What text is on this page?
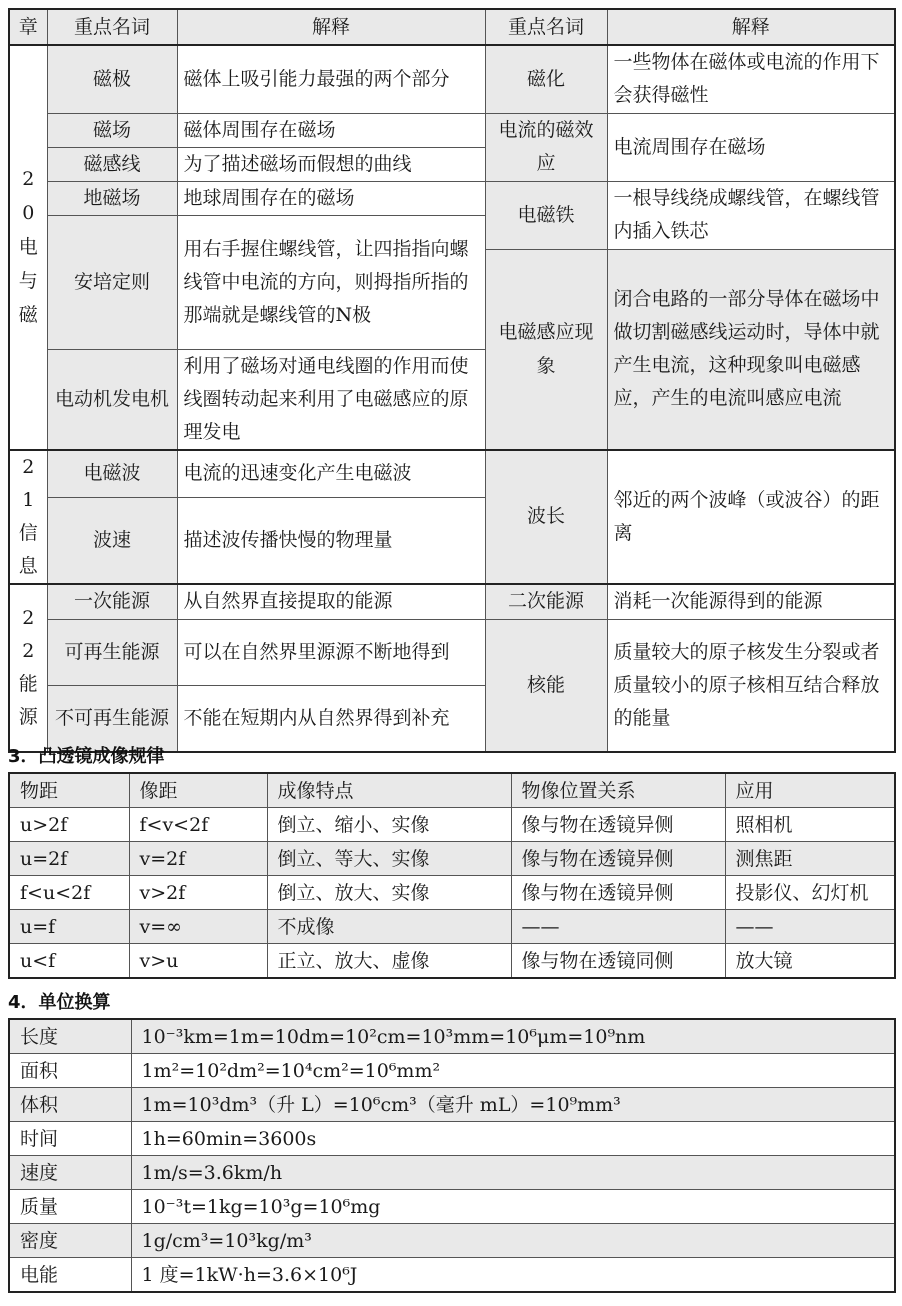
章	重点名词	解释	重点名词	解释

20电与磁	磁极	磁体上吸引能力最强的两个部分	磁化	一些物体在磁体或电流的作用下会获得磁性
	磁场	磁体周围存在磁场	电流的磁效应	电流周围存在磁场
	磁感线	为了描述磁场而假想的曲线		
	地磁场	地球周围存在的磁场	电磁铁	一根导线绕成螺线管，在螺线管内插入铁芯
	安培定则	用右手握住螺线管，让四指指向螺线管中电流的方向，则拇指所指的那端就是螺线管的N极		
			电磁感应现象	闭合电路的一部分导体在磁场中做切割磁感线运动时，导体中就产生电流，这种现象叫电磁感应，产生的电流叫感应电流
	电动机发电机	利用了磁场对通电线圈的作用而使线圈转动起来利用了电磁感应的原理发电		

21信息	电磁波	电流的迅速变化产生电磁波	波长	邻近的两个波峰（或波谷）的距离
	波速	描述波传播快慢的物理量		

22能源	一次能源	从自然界直接提取的能源	二次能源	消耗一次能源得到的能源
	可再生能源	可以在自然界里源源不断地得到	核能	质量较大的原子核发生分裂或者质量较小的原子核相互结合释放的能量
	不可再生能源	不能在短期内从自然界得到补充		
3．凸透镜成像规律
物距	像距	成像特点	物像位置关系	应用
u>2f	f<v<2f	倒立、缩小、实像	像与物在透镜异侧	照相机
u=2f	v=2f	倒立、等大、实像	像与物在透镜异侧	测焦距
f<u<2f	v>2f	倒立、放大、实像	像与物在透镜异侧	投影仪、幻灯机
u=f	v=∞	不成像	——	——
u<f	v>u	正立、放大、虚像	像与物在透镜同侧	放大镜
4．单位换算
长度	10⁻³km=1m=10dm=10²cm=10³mm=10⁶μm=10⁹nm
面积	1m²=10²dm²=10⁴cm²=10⁶mm²
体积	1m=10³dm³（升 L）=10⁶cm³（毫升 mL）=10⁹mm³
时间	1h=60min=3600s
速度	1m/s=3.6km/h
质量	10⁻³t=1kg=10³g=10⁶mg
密度	1g/cm³=10³kg/m³
电能	1 度=1kW·h=3.6×10⁶J
